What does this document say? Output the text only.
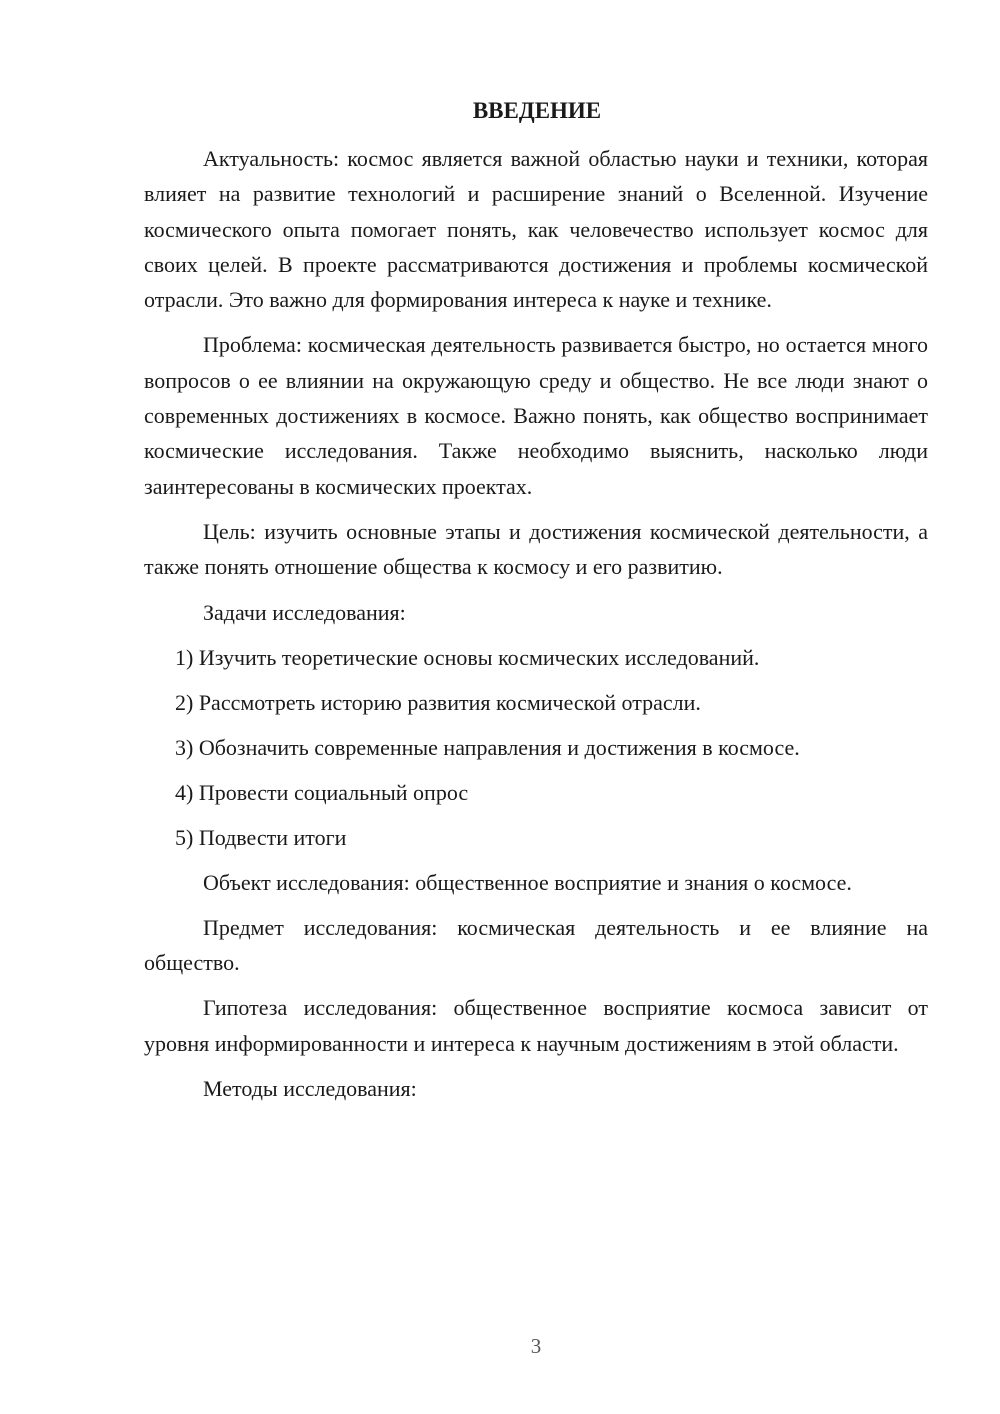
ВВЕДЕНИЕ

Актуальность: космос является важной областью науки и техники, которая влияет на развитие технологий и расширение знаний о Вселенной. Изучение космического опыта помогает понять, как человечество использует космос для своих целей. В проекте рассматриваются достижения и проблемы космической отрасли. Это важно для формирования интереса к науке и технике.

Проблема: космическая деятельность развивается быстро, но остается много вопросов о ее влиянии на окружающую среду и общество. Не все люди знают о современных достижениях в космосе. Важно понять, как общество воспринимает космические исследования. Также необходимо выяснить, насколько люди заинтересованы в космических проектах.

Цель: изучить основные этапы и достижения космической деятельности, а также понять отношение общества к космосу и его развитию.

Задачи исследования:

1) Изучить теоретические основы космических исследований.
2) Рассмотреть историю развития космической отрасли.
3) Обозначить современные направления и достижения в космосе.
4) Провести социальный опрос
5) Подвести итоги

Объект исследования: общественное восприятие и знания о космосе.

Предмет исследования: космическая деятельность и ее влияние на общество.

Гипотеза исследования: общественное восприятие космоса зависит от уровня информированности и интереса к научным достижениям в этой области.

Методы исследования:

3
